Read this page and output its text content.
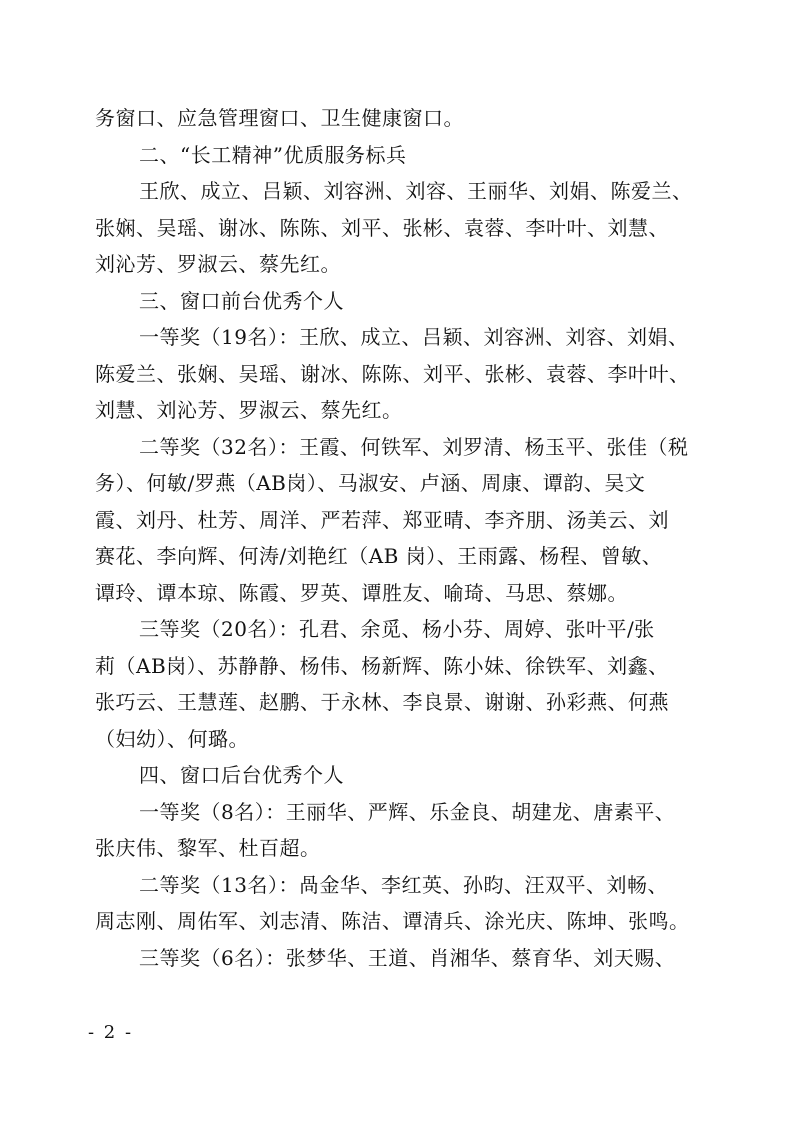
务窗口、应急管理窗口、卫生健康窗口。
二、“长工精神”优质服务标兵
王欣、成立、吕颖、刘容洲、刘容、王丽华、刘娟、陈爱兰、
张娴、吴瑶、谢冰、陈陈、刘平、张彬、袁蓉、李叶叶、刘慧、
刘沁芳、罗淑云、蔡先红。
三、窗口前台优秀个人
一等奖（19名）：王欣、成立、吕颖、刘容洲、刘容、刘娟、
陈爱兰、张娴、吴瑶、谢冰、陈陈、刘平、张彬、袁蓉、李叶叶、
刘慧、刘沁芳、罗淑云、蔡先红。
二等奖（32名）：王霞、何铁军、刘罗清、杨玉平、张佳（税
务）、何敏/罗燕（AB岗）、马淑安、卢涵、周康、谭韵、吴文
霞、刘丹、杜芳、周洋、严若萍、郑亚晴、李齐朋、汤美云、刘
赛花、李向辉、何涛/刘艳红（AB 岗）、王雨露、杨程、曾敏、
谭玲、谭本琼、陈霞、罗英、谭胜友、喻琦、马思、蔡娜。
三等奖（20名）：孔君、余觅、杨小芬、周婷、张叶平/张
莉（AB岗）、苏静静、杨伟、杨新辉、陈小妹、徐铁军、刘鑫、
张巧云、王慧莲、赵鹏、于永林、李良景、谢谢、孙彩燕、何燕
（妇幼）、何璐。
四、窗口后台优秀个人
一等奖（8名）：王丽华、严辉、乐金良、胡建龙、唐素平、
张庆伟、黎军、杜百超。
二等奖（13名）：咼金华、李红英、孙昀、汪双平、刘畅、
周志刚、周佑军、刘志清、陈洁、谭清兵、涂光庆、陈坤、张鸣。
三等奖（6名）：张梦华、王道、肖湘华、蔡育华、刘天赐、
- 2 -
